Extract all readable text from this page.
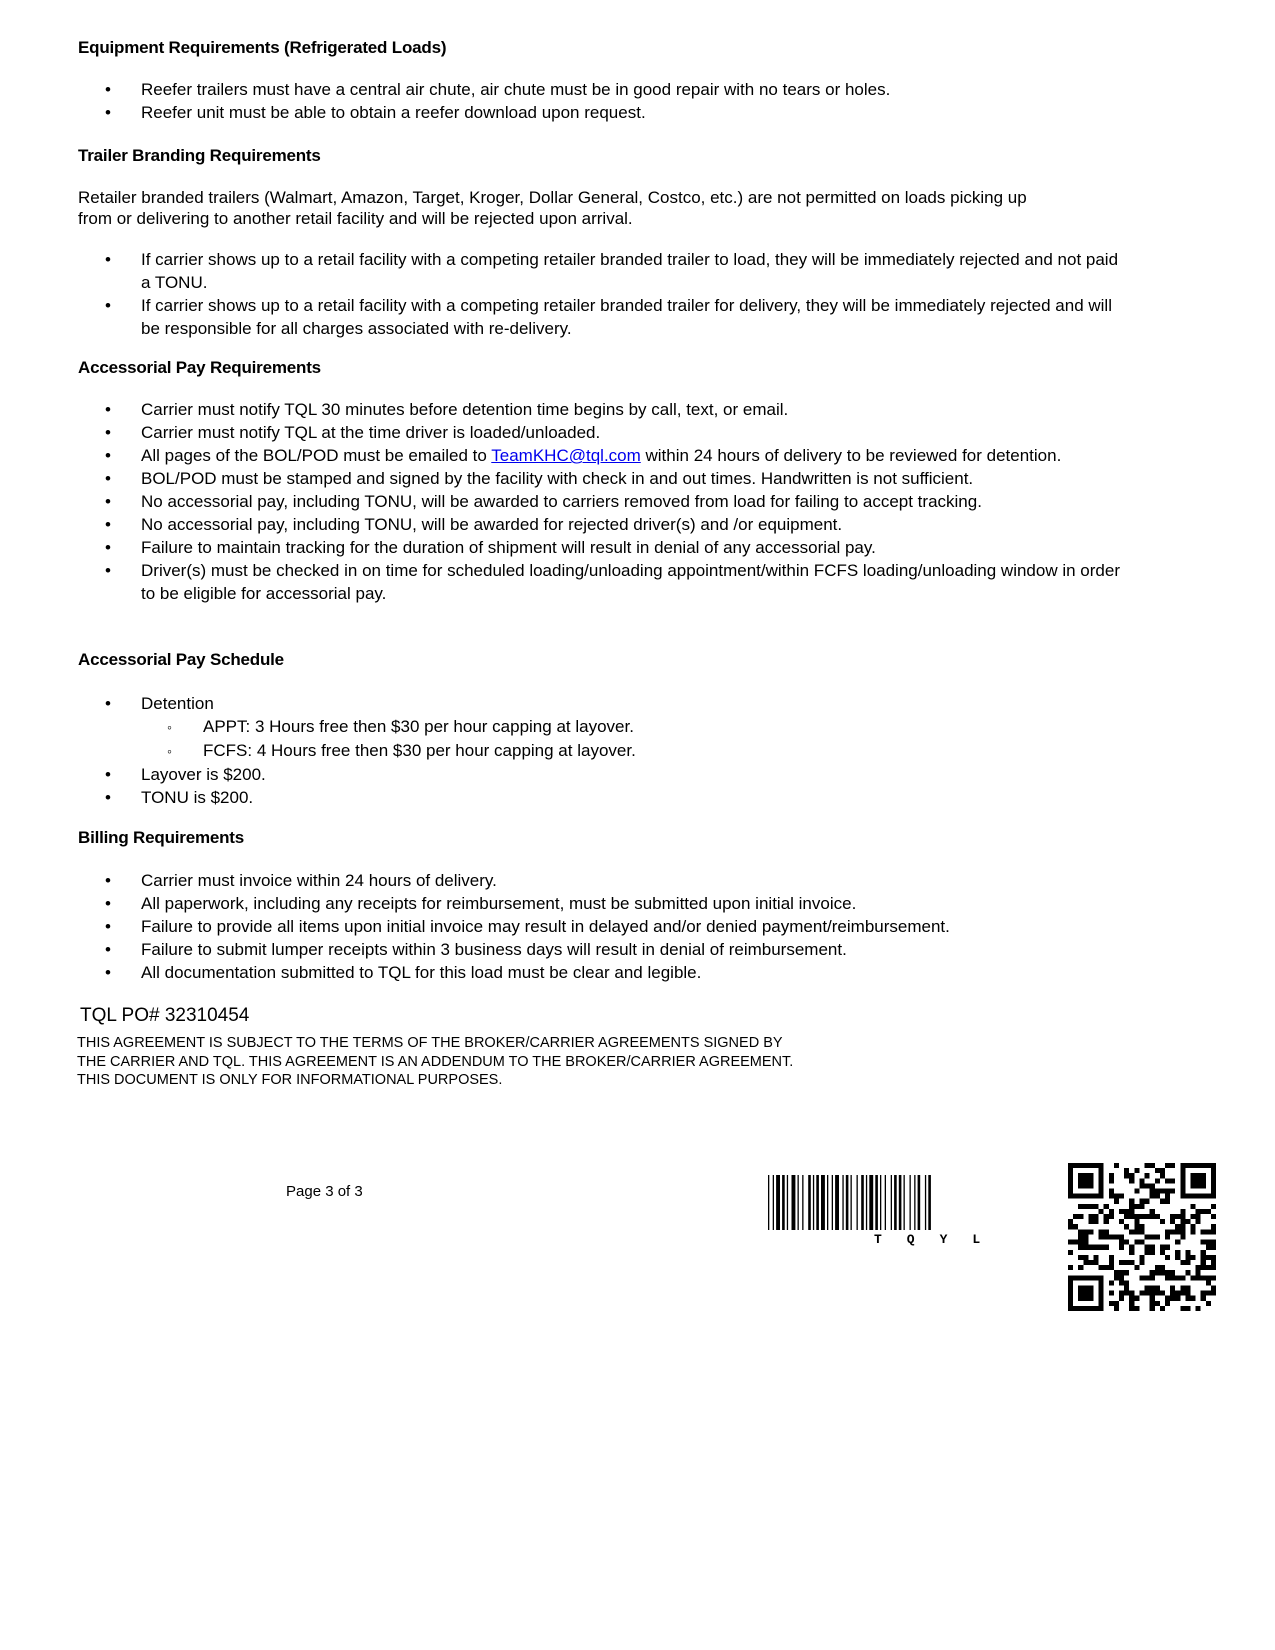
Equipment Requirements (Refrigerated Loads)
• Reefer trailers must have a central air chute, air chute must be in good repair with no tears or holes.
• Reefer unit must be able to obtain a reefer download upon request.
Trailer Branding Requirements
Retailer branded trailers (Walmart, Amazon, Target, Kroger, Dollar General, Costco, etc.) are not permitted on loads picking up from or delivering to another retail facility and will be rejected upon arrival.
• If carrier shows up to a retail facility with a competing retailer branded trailer to load, they will be immediately rejected and not paid a TONU.
• If carrier shows up to a retail facility with a competing retailer branded trailer for delivery, they will be immediately rejected and will be responsible for all charges associated with re-delivery.
Accessorial Pay Requirements
• Carrier must notify TQL 30 minutes before detention time begins by call, text, or email.
• Carrier must notify TQL at the time driver is loaded/unloaded.
• All pages of the BOL/POD must be emailed to TeamKHC@tql.com within 24 hours of delivery to be reviewed for detention.
• BOL/POD must be stamped and signed by the facility with check in and out times. Handwritten is not sufficient.
• No accessorial pay, including TONU, will be awarded to carriers removed from load for failing to accept tracking.
• No accessorial pay, including TONU, will be awarded for rejected driver(s) and /or equipment.
• Failure to maintain tracking for the duration of shipment will result in denial of any accessorial pay.
• Driver(s) must be checked in on time for scheduled loading/unloading appointment/within FCFS loading/unloading window in order to be eligible for accessorial pay.
Accessorial Pay Schedule
• Detention
◦ APPT: 3 Hours free then $30 per hour capping at layover.
◦ FCFS: 4 Hours free then $30 per hour capping at layover.
• Layover is $200.
• TONU is $200.
Billing Requirements
• Carrier must invoice within 24 hours of delivery.
• All paperwork, including any receipts for reimbursement, must be submitted upon initial invoice.
• Failure to provide all items upon initial invoice may result in delayed and/or denied payment/reimbursement.
• Failure to submit lumper receipts within 3 business days will result in denial of reimbursement.
• All documentation submitted to TQL for this load must be clear and legible.
TQL PO# 32310454
THIS AGREEMENT IS SUBJECT TO THE TERMS OF THE BROKER/CARRIER AGREEMENTS SIGNED BY THE CARRIER AND TQL. THIS AGREEMENT IS AN ADDENDUM TO THE BROKER/CARRIER AGREEMENT. THIS DOCUMENT IS ONLY FOR INFORMATIONAL PURPOSES.
Page 3 of 3
TQYL
